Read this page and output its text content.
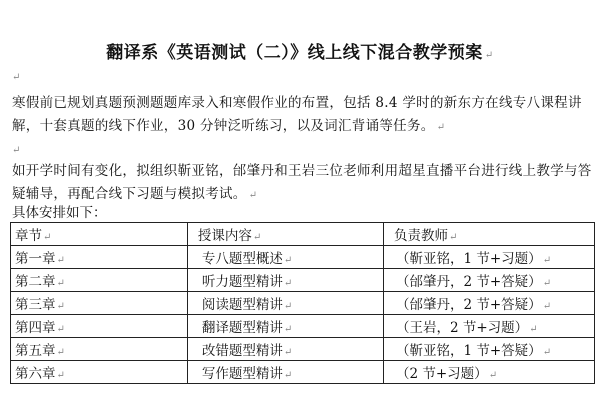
翻译系《英语测试（二）》线上线下混合教学预案 ↵
↵

寒假前已规划真题预测题题库录入和寒假作业的布置，包括 8.4 学时的新东方在线专八课程讲解，十套真题的线下作业，30 分钟泛听练习，以及词汇背诵等任务。 ↵

↵

如开学时间有变化，拟组织靳亚铭，邰肇丹和王岩三位老师利用超星直播平台进行线上教学与答疑辅导，再配合线下习题与模拟考试。 ↵

具体安排如下：
章节↵	授课内容↵	负责教师↵
第一章↵	专八题型概述↵	（靳亚铭，1 节+习题）↵
第二章↵	听力题型精讲↵	（邰肇丹，2 节+答疑）↵
第三章↵	阅读题型精讲↵	（邰肇丹，2 节+答疑）↵
第四章↵	翻译题型精讲↵	（王岩，2 节+习题）↵
第五章↵	改错题型精讲↵	（靳亚铭，1 节+答疑）↵
第六章↵	写作题型精讲↵	（2 节+习题）↵
